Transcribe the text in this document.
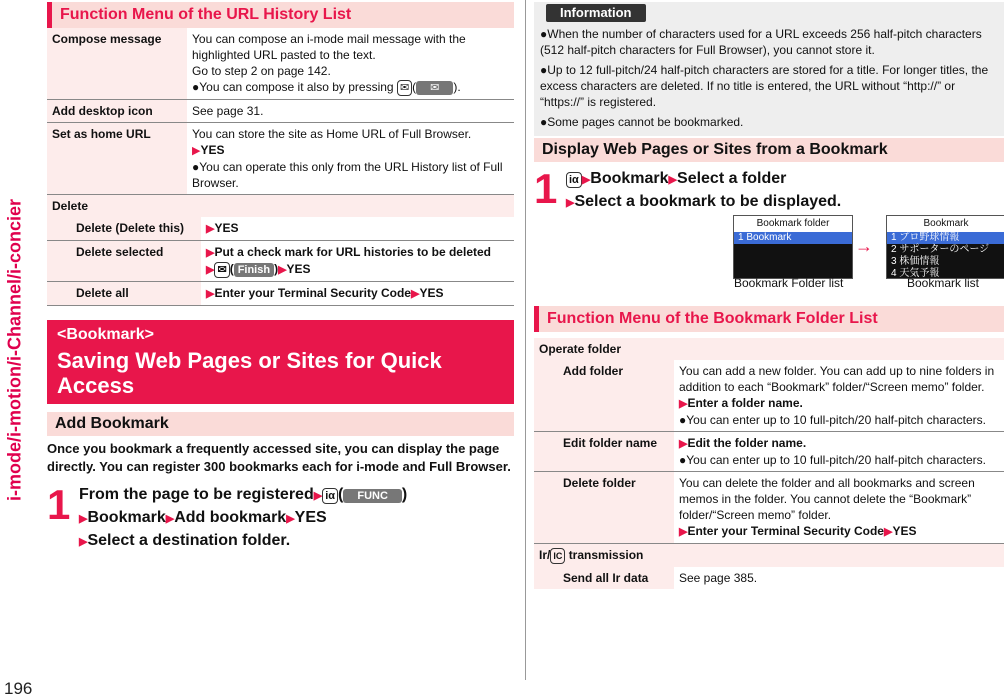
i-mode/i-motion/i-Channel/i-concier
196
Function Menu of the URL History List
Compose message	You can compose an i-mode mail message with the highlighted URL pasted to the text.
Go to step 2 on page 142.
●You can compose it also by pressing ✉ ( ✉ ).

Add desktop icon	See page 31.
Set as home URL	You can store the site as Home URL of Full Browser.
▶YES
●You can operate this only from the URL History list of Full Browser.

Delete	
	Delete (Delete this)	▶YES
	Delete selected	▶Put a check mark for URL histories to be deleted
▶ ✉ ( Finish )▶YES

	Delete all	▶Enter your Terminal Security Code▶YES
<Bookmark>
Saving Web Pages or Sites for Quick Access
Add Bookmark
Once you bookmark a frequently accessed site, you can display the page directly. You can register 300 bookmarks each for i-mode and Full Browser.
1 From the page to be registered▶ iα ( FUNC )
▶Bookmark▶Add bookmark▶YES
▶Select a destination folder.
Information
●When the number of characters used for a URL exceeds 256 half-pitch characters (512 half-pitch characters for Full Browser), you cannot store it.
●Up to 12 full-pitch/24 half-pitch characters are stored for a title. For longer titles, the excess characters are deleted. If no title is entered, the URL without “http://” or “https://” is registered.
●Some pages cannot be bookmarked.
Display Web Pages or Sites from a Bookmark
1 iα ▶Bookmark▶Select a folder
▶Select a bookmark to be displayed.
Bookmark folder
1 Bookmark	→
Bookmark
1 プロ野球情報
2 サポーターのページ
3 株価情報
4 天気予報
Bookmark Folder list	Bookmark list
Function Menu of the Bookmark Folder List
Operate folder		
	Add folder	You can add a new folder. You can add up to nine folders in addition to each “Bookmark” folder/“Screen memo” folder.
▶Enter a folder name.
●You can enter up to 10 full-pitch/20 half-pitch characters.

	Edit folder name	▶Edit the folder name.
●You can enter up to 10 full-pitch/20 half-pitch characters.

	Delete folder	You can delete the folder and all bookmarks and screen memos in the folder. You cannot delete the “Bookmark” folder/“Screen memo” folder.
▶Enter your Terminal Security Code▶YES

Ir/ IC transmission		
	Send all Ir data	See page 385.
